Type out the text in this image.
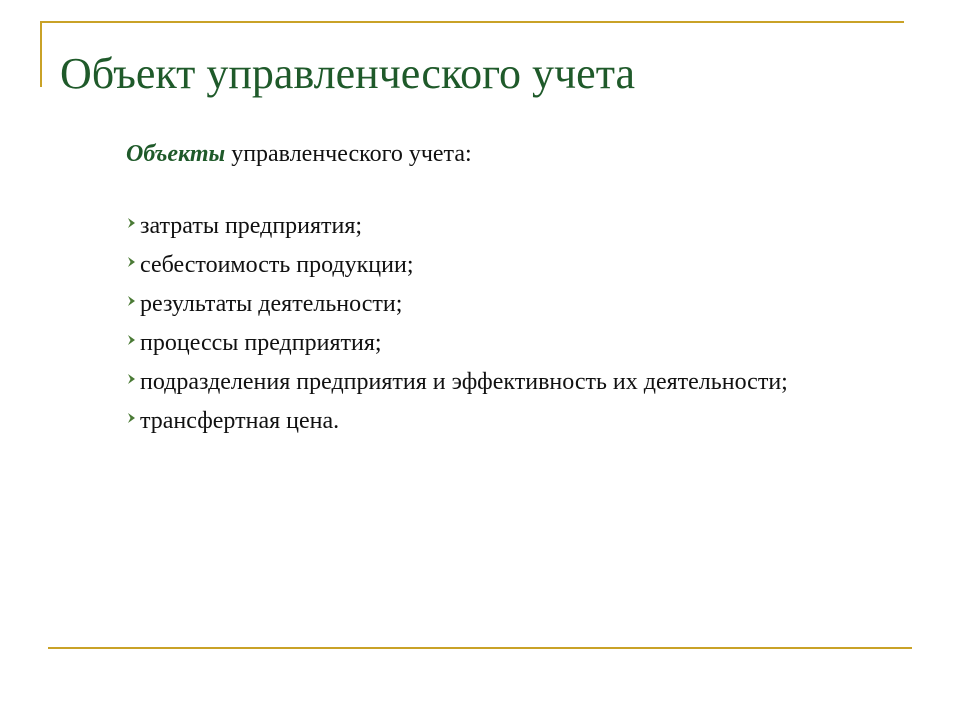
Объект управленческого учета

Объекты управленческого учета:

затраты предприятия;
себестоимость продукции;
результаты деятельности;
процессы предприятия;
подразделения предприятия и эффективность их деятельности;
трансфертная цена.
